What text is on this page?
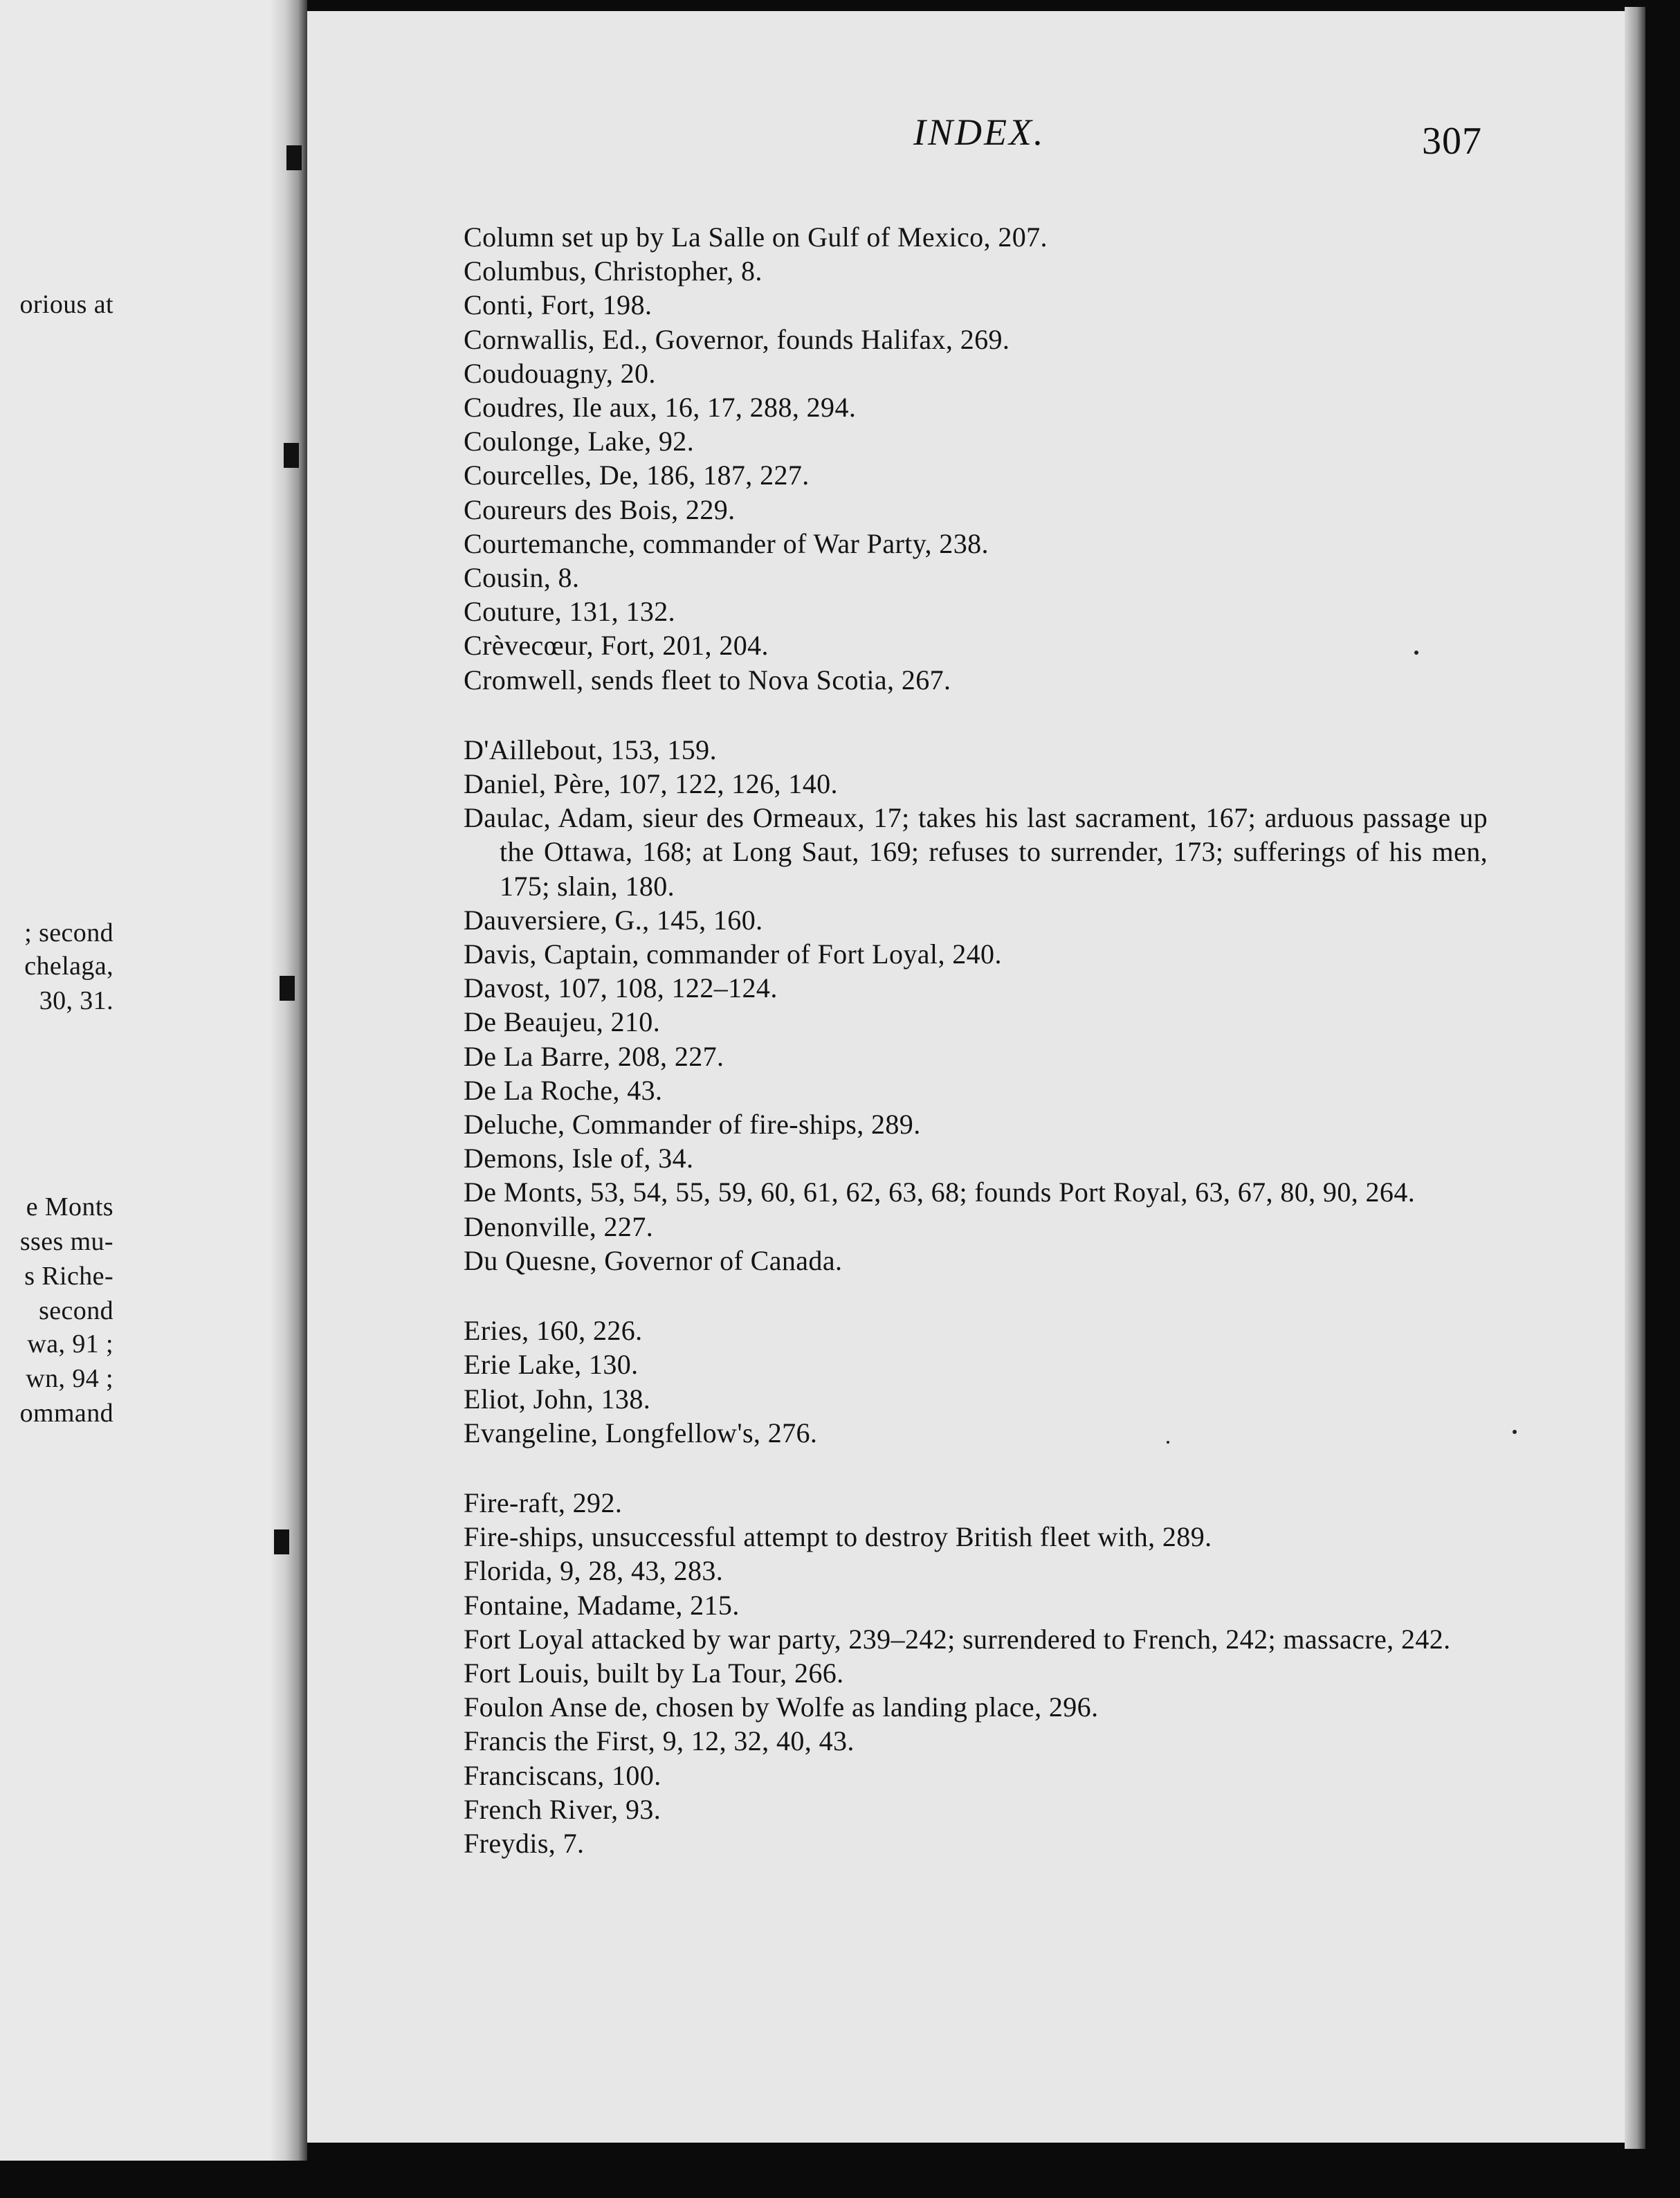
orious at
; second
chelaga,
30, 31.
e Monts
sses mu-
s Riche-
second
wa, 91 ;
wn, 94 ;
ommand
INDEX.	307

Column set up by La Salle on Gulf of Mexico, 207.

Columbus, Christopher, 8.

Conti, Fort, 198.

Cornwallis, Ed., Governor, founds Halifax, 269.

Coudouagny, 20.

Coudres, Ile aux, 16, 17, 288, 294.

Coulonge, Lake, 92.

Courcelles, De, 186, 187, 227.

Coureurs des Bois, 229.

Courtemanche, commander of War Party, 238.

Cousin, 8.

Couture, 131, 132.

Crèvecœur, Fort, 201, 204.

Cromwell, sends fleet to Nova Scotia, 267.

D'Aillebout, 153, 159.

Daniel, Père, 107, 122, 126, 140.

Daulac, Adam, sieur des Ormeaux, 17; takes his last sacrament, 167; arduous passage up the Ottawa, 168; at Long Saut, 169; refuses to surrender, 173; sufferings of his men, 175; slain, 180.

Dauversiere, G., 145, 160.

Davis, Captain, commander of Fort Loyal, 240.

Davost, 107, 108, 122–124.

De Beaujeu, 210.

De La Barre, 208, 227.

De La Roche, 43.

Deluche, Commander of fire-ships, 289.

Demons, Isle of, 34.

De Monts, 53, 54, 55, 59, 60, 61, 62, 63, 68; founds Port Royal, 63, 67, 80, 90, 264.

Denonville, 227.

Du Quesne, Governor of Canada.

Eries, 160, 226.

Erie Lake, 130.

Eliot, John, 138.

Evangeline, Longfellow's, 276.

Fire-raft, 292.

Fire-ships, unsuccessful attempt to destroy British fleet with, 289.

Florida, 9, 28, 43, 283.

Fontaine, Madame, 215.

Fort Loyal attacked by war party, 239–242; surrendered to French, 242; massacre, 242.

Fort Louis, built by La Tour, 266.

Foulon Anse de, chosen by Wolfe as landing place, 296.

Francis the First, 9, 12, 32, 40, 43.

Franciscans, 100.

French River, 93.

Freydis, 7.
